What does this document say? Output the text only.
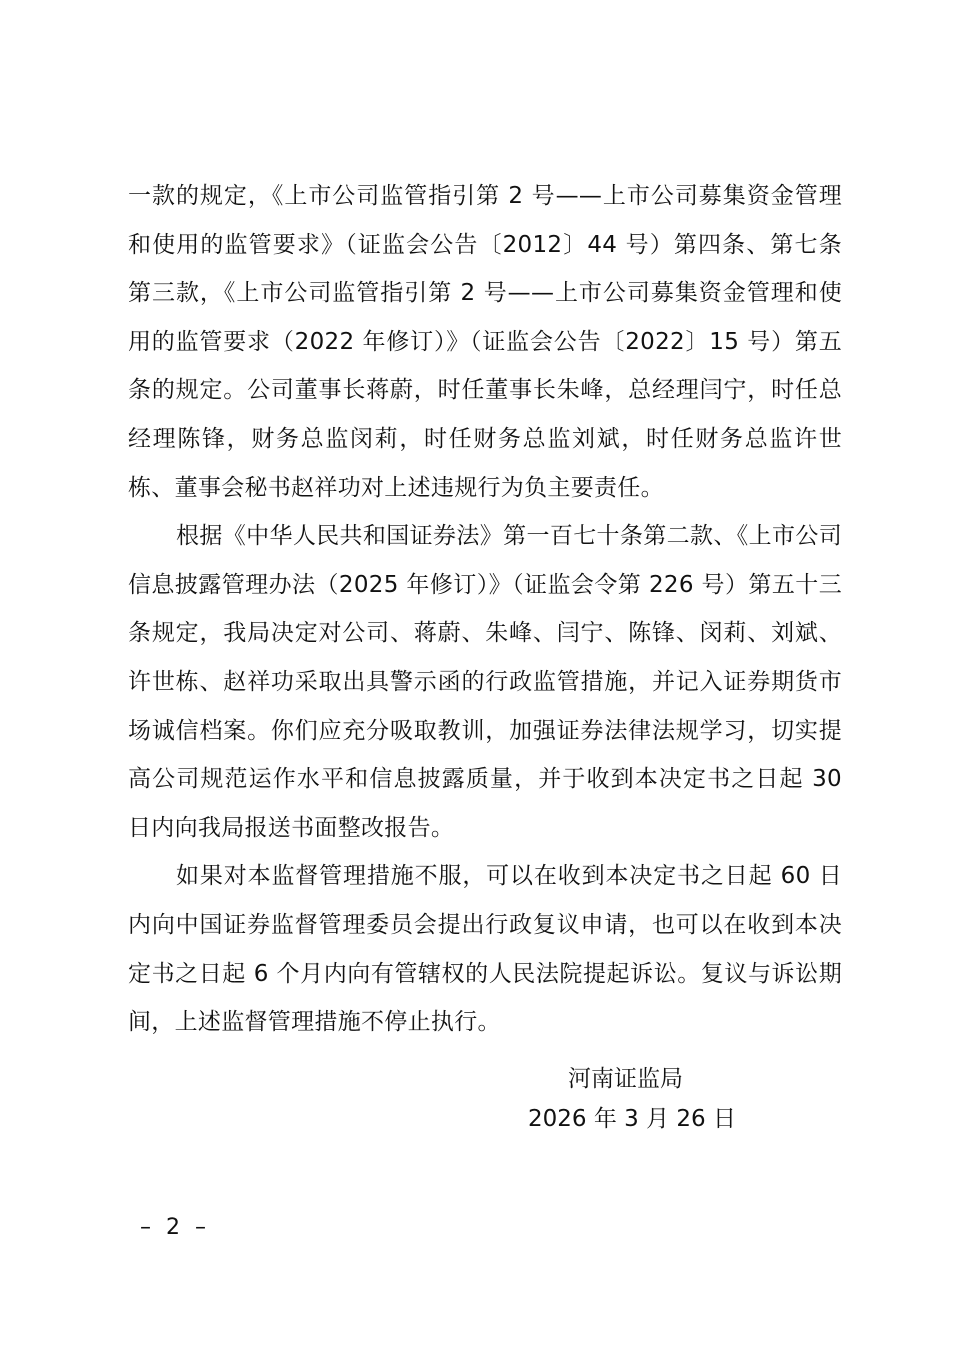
一款的规定，《上市公司监管指引第 2 号——上市公司募集资金管理和使用的监管要求》（证监会公告〔2012〕44 号）第四条、第七条第三款，《上市公司监管指引第 2 号——上市公司募集资金管理和使用的监管要求（2022 年修订）》（证监会公告〔2022〕15 号）第五条的规定。公司董事长蒋蔚，时任董事长朱峰，总经理闫宁，时任总经理陈锋，财务总监闵莉，时任财务总监刘斌，时任财务总监许世栋、董事会秘书赵祥功对上述违规行为负主要责任。

根据《中华人民共和国证券法》第一百七十条第二款、《上市公司信息披露管理办法（2025 年修订）》（证监会令第 226 号）第五十三条规定，我局决定对公司、蒋蔚、朱峰、闫宁、陈锋、闵莉、刘斌、许世栋、赵祥功采取出具警示函的行政监管措施，并记入证券期货市场诚信档案。你们应充分吸取教训，加强证券法律法规学习，切实提高公司规范运作水平和信息披露质量，并于收到本决定书之日起 30 日内向我局报送书面整改报告。

如果对本监督管理措施不服，可以在收到本决定书之日起 60 日内向中国证券监督管理委员会提出行政复议申请，也可以在收到本决定书之日起 6 个月内向有管辖权的人民法院提起诉讼。复议与诉讼期间，上述监督管理措施不停止执行。

河南证监局
2026 年 3 月 26 日
– 2 –
